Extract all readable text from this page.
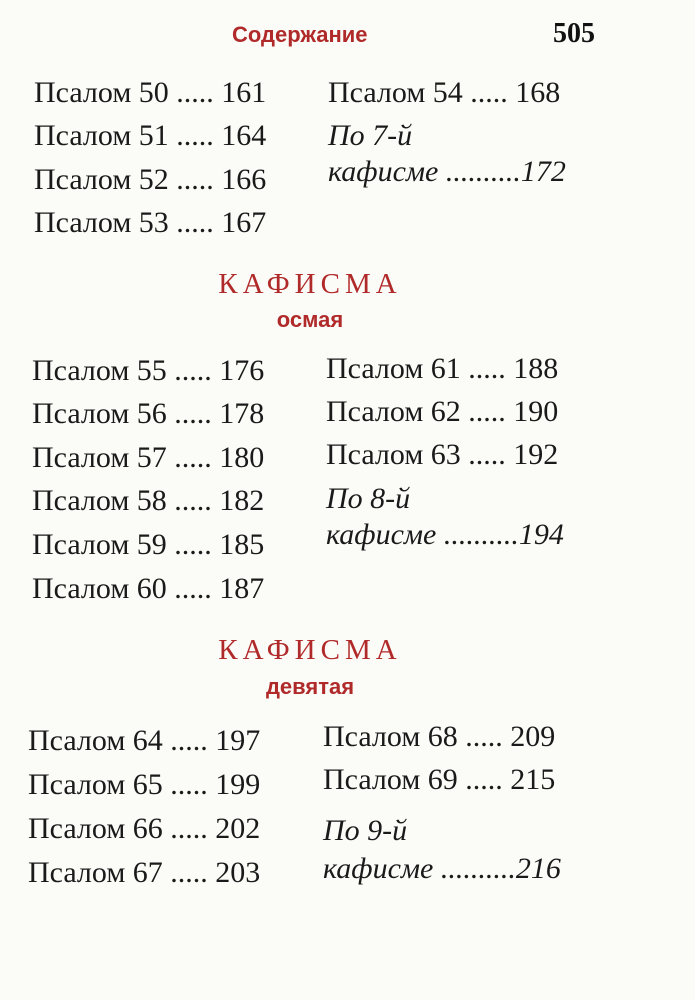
Содержание	505
Псалом 50 ..... 161
Псалом 51 ..... 164
Псалом 52 ..... 166
Псалом 53 ..... 167
Псалом 54 ..... 168
По 7-й
кафисме ..........172
КАФИСМА
осмая
Псалом 55 ..... 176
Псалом 56 ..... 178
Псалом 57 ..... 180
Псалом 58 ..... 182
Псалом 59 ..... 185
Псалом 60 ..... 187
Псалом 61 ..... 188
Псалом 62 ..... 190
Псалом 63 ..... 192
По 8-й
кафисме ..........194
КАФИСМА
девятая
Псалом 64 ..... 197
Псалом 65 ..... 199
Псалом 66 ..... 202
Псалом 67 ..... 203
Псалом 68 ..... 209
Псалом 69 ..... 215
По 9-й
кафисме ..........216
